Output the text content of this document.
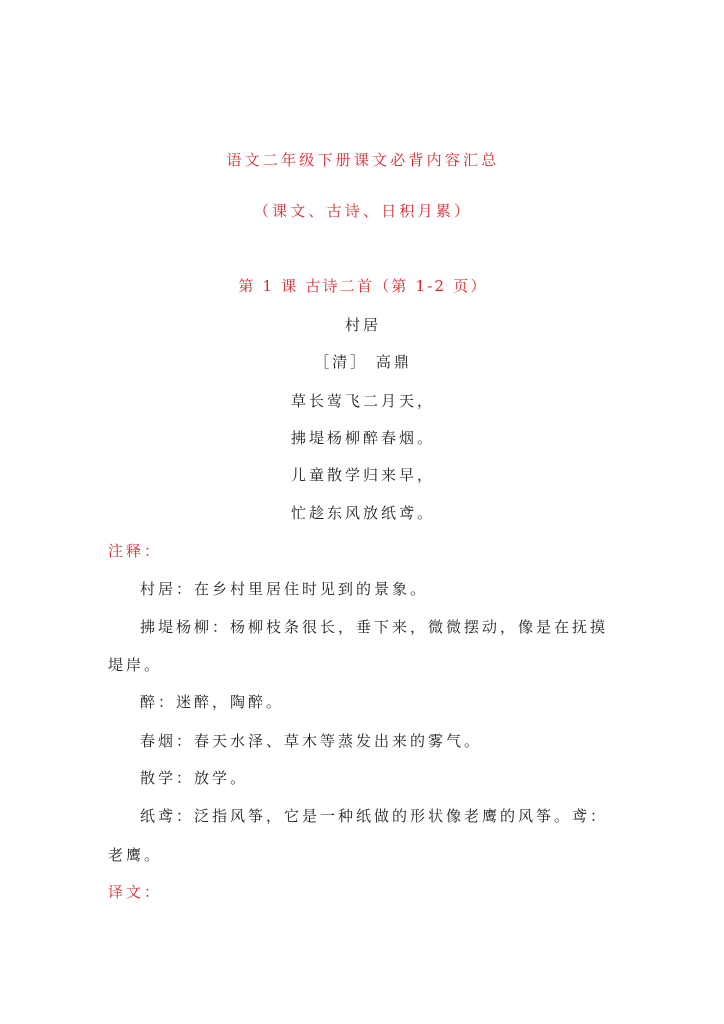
语文二年级下册课文必背内容汇总
（课文、古诗、日积月累）
第 1 课 古诗二首（第 1-2 页）
村居
［清］ 高鼎
草长莺飞二月天，
拂堤杨柳醉春烟。
儿童散学归来早，
忙趁东风放纸鸢。
注释：
村居：在乡村里居住时见到的景象。
拂堤杨柳：杨柳枝条很长，垂下来，微微摆动，像是在抚摸
堤岸。
醉：迷醉，陶醉。
春烟：春天水泽、草木等蒸发出来的雾气。
散学：放学。
纸鸢：泛指风筝，它是一种纸做的形状像老鹰的风筝。鸢：
老鹰。
译文：
